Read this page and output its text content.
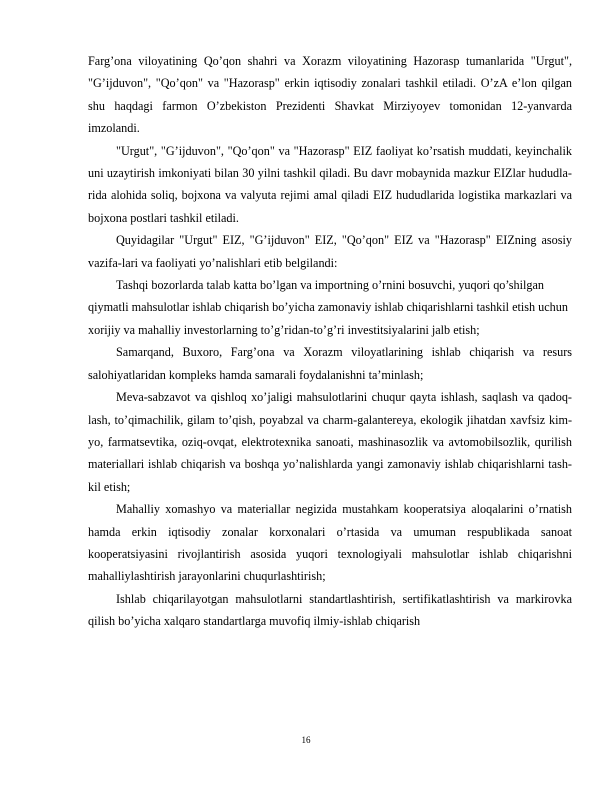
Farg’ona viloyatining Qo’qon shahri va Xorazm viloyatining Hazorasp tumanlarida "Urgut", "G’ijduvon", "Qo’qon" va "Hazorasp" erkin iqtisodiy zonalari tashkil etiladi. O’zA e’lon qilgan shu haqdagi farmon O’zbekiston Prezidenti Shavkat Mirziyoyev tomonidan 12-yanvarda imzolandi.

"Urgut", "G’ijduvon", "Qo’qon" va "Hazorasp" EIZ faoliyat ko’rsatish muddati, keyinchalik uni uzaytirish imkoniyati bilan 30 yilni tashkil qiladi. Bu davr mobaynida mazkur EIZlar hududla-rida alohida soliq, bojxona va valyuta rejimi amal qiladi EIZ hududlarida logistika markazlari va bojxona postlari tashkil etiladi.

Quyidagilar "Urgut" EIZ, "G’ijduvon" EIZ, "Qo’qon" EIZ va "Hazorasp" EIZning asosiy vazifa-lari va faoliyati yo’nalishlari etib belgilandi:

Tashqi bozorlarda talab katta bo’lgan va importning o’rnini bosuvchi, yuqori qo’shilgan qiymatli mahsulotlar ishlab chiqarish bo’yicha zamonaviy ishlab chiqarishlarni tashkil etish uchun xorijiy va mahalliy investorlarning to’g’ridan-to’g’ri investitsiyalarini jalb etish;

Samarqand, Buxoro, Farg’ona va Xorazm viloyatlarining ishlab chiqarish va resurs salohiyatlaridan kompleks hamda samarali foydalanishni ta’minlash;

Meva-sabzavot va qishloq xo’jaligi mahsulotlarini chuqur qayta ishlash, saqlash va qadoq-lash, to’qimachilik, gilam to’qish, poyabzal va charm-galantereya, ekologik jihatdan xavfsiz kim-yo, farmatsevtika, oziq-ovqat, elektrotexnika sanoati, mashinasozlik va avtomobilsozlik, qurilish materiallari ishlab chiqarish va boshqa yo’nalishlarda yangi zamonaviy ishlab chiqarishlarni tash-kil etish;

Mahalliy xomashyo va materiallar negizida mustahkam kooperatsiya aloqalarini o’rnatish hamda erkin iqtisodiy zonalar korxonalari o’rtasida va umuman respublikada sanoat kooperatsiyasini rivojlantirish asosida yuqori texnologiyali mahsulotlar ishlab chiqarishni mahalliylashtirish jarayonlarini chuqurlashtirish;

Ishlab chiqarilayotgan mahsulotlarni standartlashtirish, sertifikatlashtirish va markirovka qilish bo’yicha xalqaro standartlarga muvofiq ilmiy-ishlab chiqarish

16
